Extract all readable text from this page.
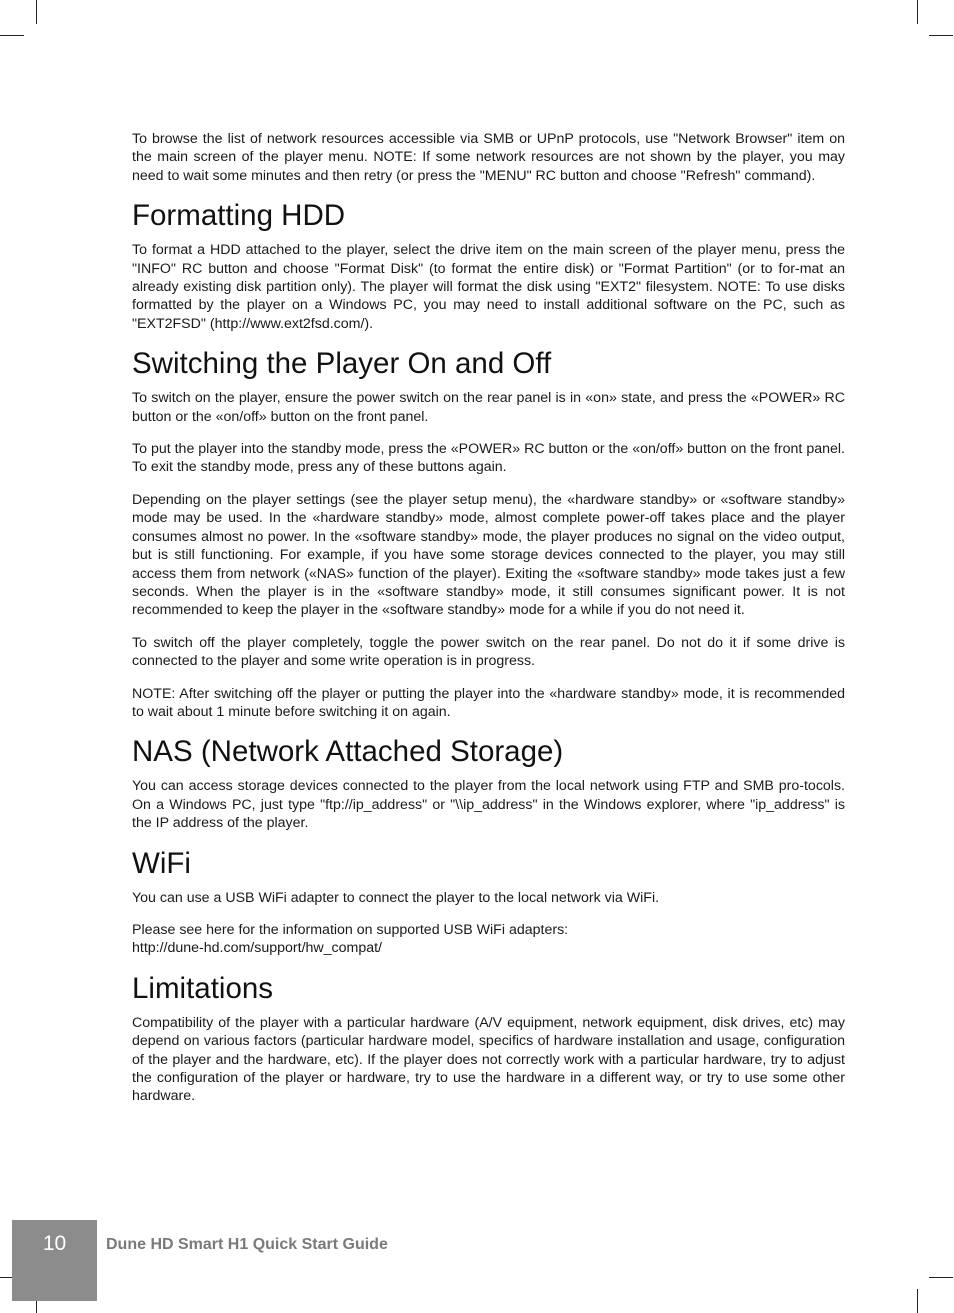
To browse the list of network resources accessible via SMB or UPnP protocols, use "Network Browser" item on the main screen of the player menu. NOTE: If some network resources are not shown by the player, you may need to wait some minutes and then retry (or press the "MENU" RC button and choose "Refresh" command).

Formatting HDD

To format a HDD attached to the player, select the drive item on the main screen of the player menu, press the "INFO" RC button and choose "Format Disk" (to format the entire disk) or "Format Partition" (or to for-mat an already existing disk partition only). The player will format the disk using "EXT2" filesystem. NOTE: To use disks formatted by the player on a Windows PC, you may need to install additional software on the PC, such as "EXT2FSD" (http://www.ext2fsd.com/).

Switching the Player On and Off

To switch on the player, ensure the power switch on the rear panel is in «on» state, and press the «POWER» RC button or the «on/off» button on the front panel.

To put the player into the standby mode, press the «POWER» RC button or the «on/off» button on the front panel. To exit the standby mode, press any of these buttons again.

Depending on the player settings (see the player setup menu), the «hardware standby» or «software standby» mode may be used. In the «hardware standby» mode, almost complete power-off takes place and the player consumes almost no power. In the «software standby» mode, the player produces no signal on the video output, but is still functioning. For example, if you have some storage devices connected to the player, you may still access them from network («NAS» function of the player). Exiting the «software standby» mode takes just a few seconds. When the player is in the «software standby» mode, it still consumes significant power. It is not recommended to keep the player in the «software standby» mode for a while if you do not need it.

To switch off the player completely, toggle the power switch on the rear panel. Do not do it if some drive is connected to the player and some write operation is in progress.

NOTE: After switching off the player or putting the player into the «hardware standby» mode, it is recommended to wait about 1 minute before switching it on again.

NAS (Network Attached Storage)

You can access storage devices connected to the player from the local network using FTP and SMB pro-tocols. On a Windows PC, just type "ftp://ip_address" or "\\ip_address" in the Windows explorer, where "ip_address" is the IP address of the player.

WiFi

You can use a USB WiFi adapter to connect the player to the local network via WiFi.

Please see here for the information on supported USB WiFi adapters:

http://dune-hd.com/support/hw_compat/

Limitations

Compatibility of the player with a particular hardware (A/V equipment, network equipment, disk drives, etc) may depend on various factors (particular hardware model, specifics of hardware installation and usage, configuration of the player and the hardware, etc). If the player does not correctly work with a particular hardware, try to adjust the configuration of the player or hardware, try to use the hardware in a different way, or try to use some other hardware.

10	Dune HD Smart H1 Quick Start Guide
